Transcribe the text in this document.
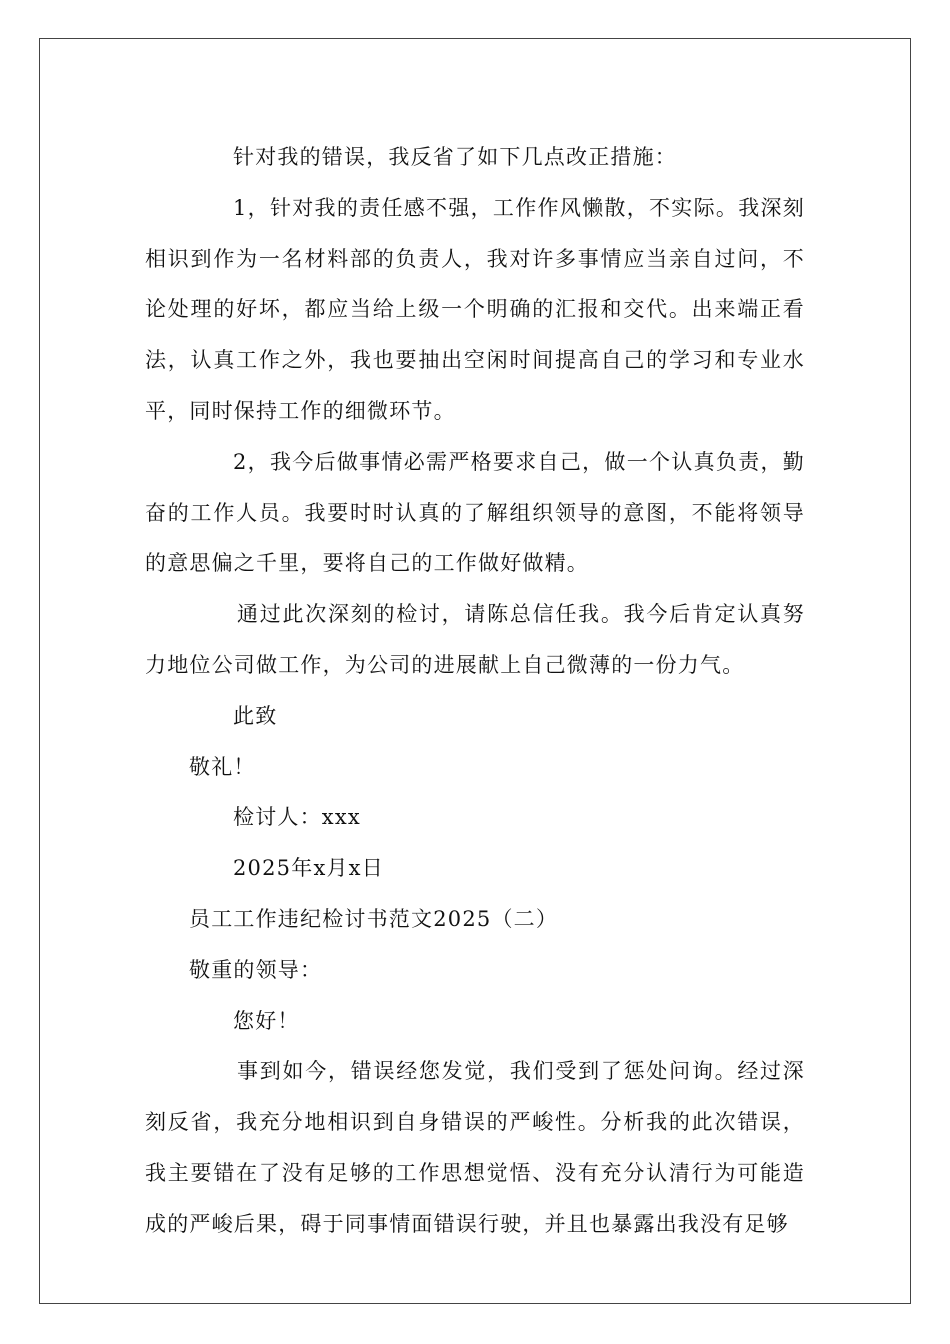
针对我的错误，我反省了如下几点改正措施：

1，针对我的责任感不强，工作作风懒散，不实际。我深刻相识到作为一名材料部的负责人，我对许多事情应当亲自过问，不论处理的好坏，都应当给上级一个明确的汇报和交代。出来端正看法，认真工作之外，我也要抽出空闲时间提高自己的学习和专业水平，同时保持工作的细微环节。

2，我今后做事情必需严格要求自己，做一个认真负责，勤奋的工作人员。我要时时认真的了解组织领导的意图，不能将领导的意思偏之千里，要将自己的工作做好做精。

通过此次深刻的检讨，请陈总信任我。我今后肯定认真努力地位公司做工作，为公司的进展献上自己微薄的一份力气。

此致

敬礼！

检讨人：xxx

2025年x月x日

员工工作违纪检讨书范文2025（二）

敬重的领导：

您好！

事到如今，错误经您发觉，我们受到了惩处问询。经过深刻反省，我充分地相识到自身错误的严峻性。分析我的此次错误，我主要错在了没有足够的工作思想觉悟、没有充分认清行为可能造成的严峻后果，碍于同事情面错误行驶，并且也暴露出我没有足够
